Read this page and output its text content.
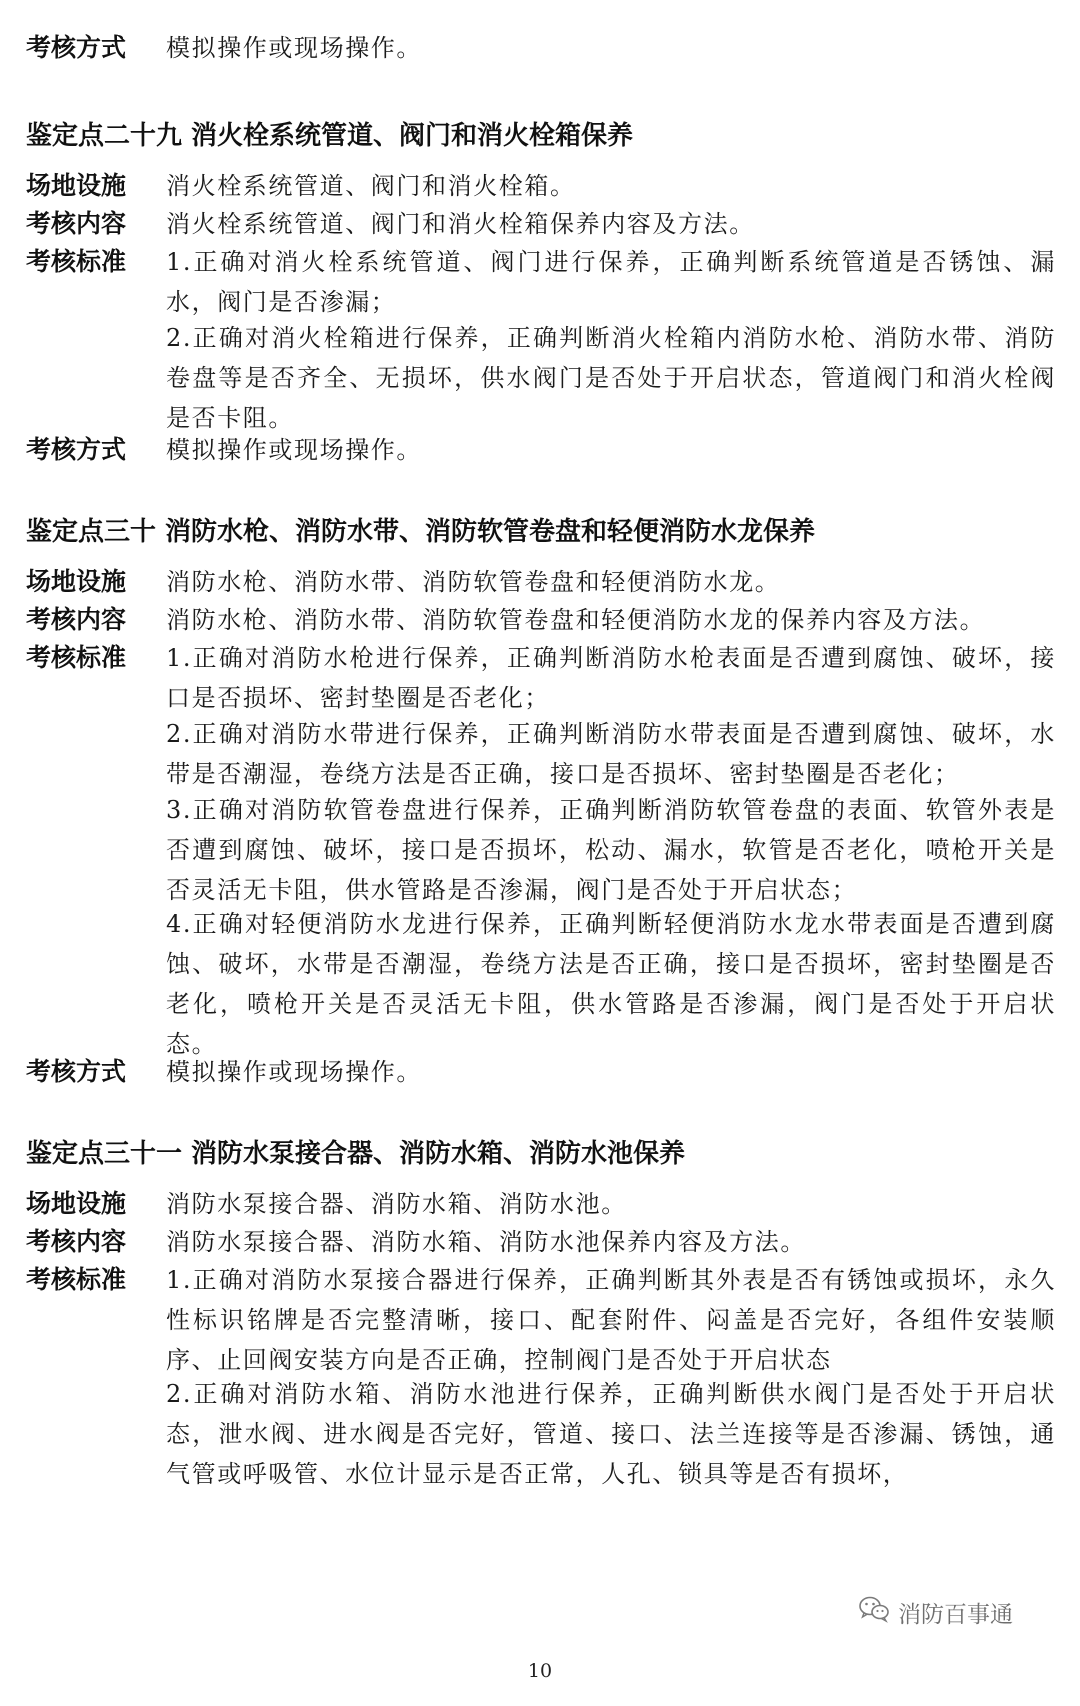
考核方式 模拟操作或现场操作。
鉴定点二十九 消火栓系统管道、阀门和消火栓箱保养
场地设施 消火栓系统管道、阀门和消火栓箱。
考核内容 消火栓系统管道、阀门和消火栓箱保养内容及方法。
考核标准 1.正确对消火栓系统管道、阀门进行保养，正确判断系统管道是否锈蚀、漏水，阀门是否渗漏；
2.正确对消火栓箱进行保养，正确判断消火栓箱内消防水枪、消防水带、消防卷盘等是否齐全、无损坏，供水阀门是否处于开启状态，管道阀门和消火栓阀是否卡阻。
考核方式 模拟操作或现场操作。
鉴定点三十 消防水枪、消防水带、消防软管卷盘和轻便消防水龙保养
场地设施 消防水枪、消防水带、消防软管卷盘和轻便消防水龙。
考核内容 消防水枪、消防水带、消防软管卷盘和轻便消防水龙的保养内容及方法。
考核标准 1.正确对消防水枪进行保养，正确判断消防水枪表面是否遭到腐蚀、破坏，接口是否损坏、密封垫圈是否老化；
2.正确对消防水带进行保养，正确判断消防水带表面是否遭到腐蚀、破坏，水带是否潮湿，卷绕方法是否正确，接口是否损坏、密封垫圈是否老化；
3.正确对消防软管卷盘进行保养，正确判断消防软管卷盘的表面、软管外表是否遭到腐蚀、破坏，接口是否损坏，松动、漏水，软管是否老化，喷枪开关是否灵活无卡阻，供水管路是否渗漏，阀门是否处于开启状态；
4.正确对轻便消防水龙进行保养，正确判断轻便消防水龙水带表面是否遭到腐蚀、破坏，水带是否潮湿，卷绕方法是否正确，接口是否损坏，密封垫圈是否老化，喷枪开关是否灵活无卡阻，供水管路是否渗漏，阀门是否处于开启状态。
考核方式 模拟操作或现场操作。
鉴定点三十一 消防水泵接合器、消防水箱、消防水池保养
场地设施 消防水泵接合器、消防水箱、消防水池。
考核内容 消防水泵接合器、消防水箱、消防水池保养内容及方法。
考核标准 1.正确对消防水泵接合器进行保养，正确判断其外表是否有锈蚀或损坏，永久性标识铭牌是否完整清晰，接口、配套附件、闷盖是否完好，各组件安装顺序、止回阀安装方向是否正确，控制阀门是否处于开启状态
2.正确对消防水箱、消防水池进行保养，正确判断供水阀门是否处于开启状态，泄水阀、进水阀是否完好，管道、接口、法兰连接等是否渗漏、锈蚀，通气管或呼吸管、水位计显示是否正常，人孔、锁具等是否有损坏，
消防百事通
10
